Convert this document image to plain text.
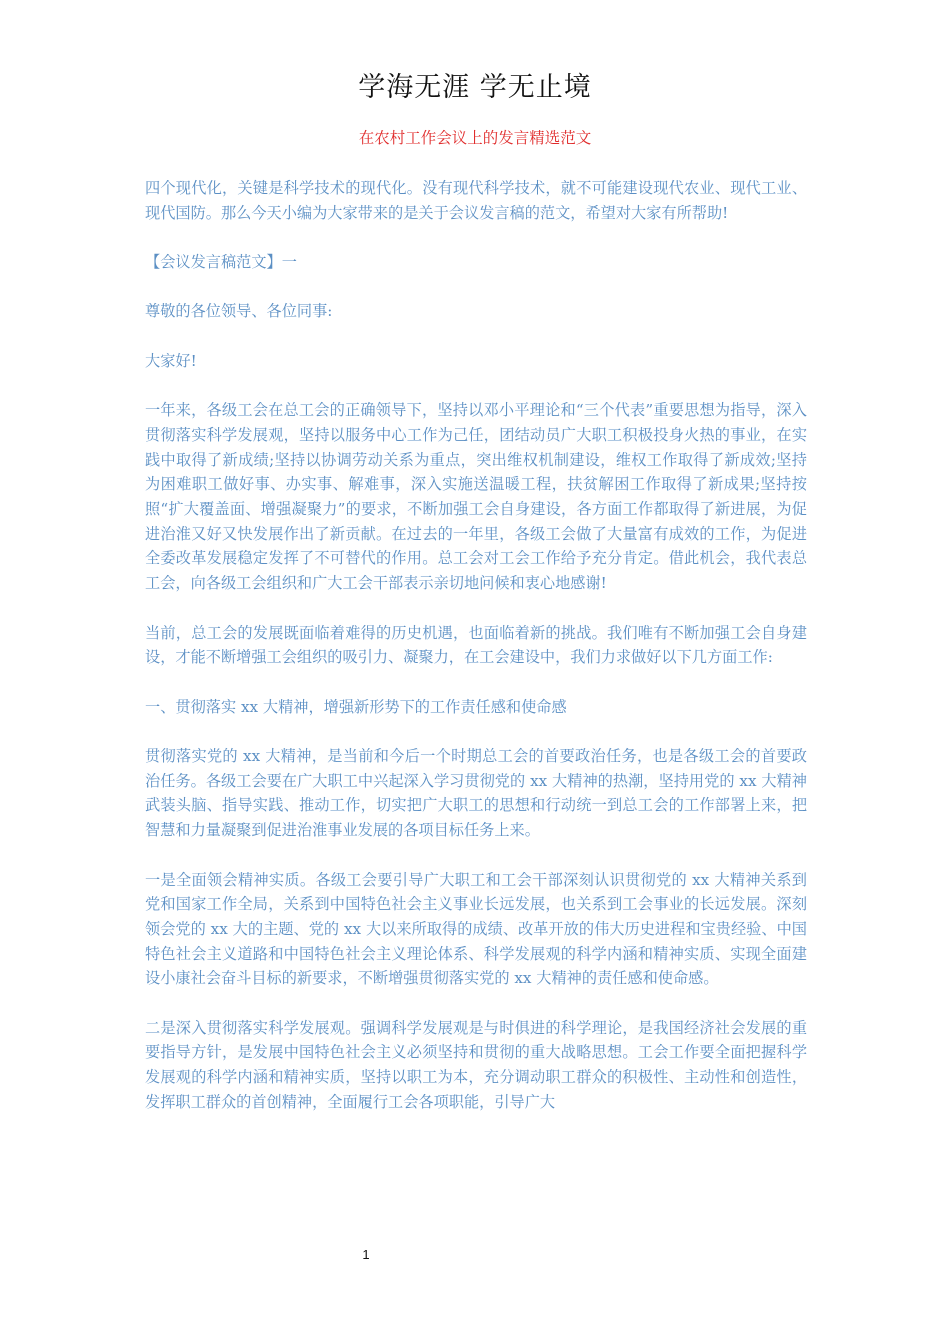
学海无涯 学无止境
在农村工作会议上的发言精选范文

四个现代化，关键是科学技术的现代化。没有现代科学技术，就不可能建设现代农业、现代工业、现代国防。那么今天小编为大家带来的是关于会议发言稿的范文，希望对大家有所帮助!

【会议发言稿范文】一

尊敬的各位领导、各位同事:

大家好!

一年来，各级工会在总工会的正确领导下，坚持以邓小平理论和“三个代表”重要思想为指导，深入贯彻落实科学发展观，坚持以服务中心工作为己任，团结动员广大职工积极投身火热的事业，在实践中取得了新成绩;坚持以协调劳动关系为重点，突出维权机制建设，维权工作取得了新成效;坚持为困难职工做好事、办实事、解难事，深入实施送温暖工程，扶贫解困工作取得了新成果;坚持按照“扩大覆盖面、增强凝聚力”的要求，不断加强工会自身建设，各方面工作都取得了新进展，为促进治淮又好又快发展作出了新贡献。在过去的一年里，各级工会做了大量富有成效的工作，为促进全委改革发展稳定发挥了不可替代的作用。总工会对工会工作给予充分肯定。借此机会，我代表总工会，向各级工会组织和广大工会干部表示亲切地问候和衷心地感谢!

当前，总工会的发展既面临着难得的历史机遇，也面临着新的挑战。我们唯有不断加强工会自身建设，才能不断增强工会组织的吸引力、凝聚力，在工会建设中，我们力求做好以下几方面工作:

一、贯彻落实 xx 大精神，增强新形势下的工作责任感和使命感

贯彻落实党的 xx 大精神，是当前和今后一个时期总工会的首要政治任务，也是各级工会的首要政治任务。各级工会要在广大职工中兴起深入学习贯彻党的 xx 大精神的热潮，坚持用党的 xx 大精神武装头脑、指导实践、推动工作，切实把广大职工的思想和行动统一到总工会的工作部署上来，把智慧和力量凝聚到促进治淮事业发展的各项目标任务上来。

一是全面领会精神实质。各级工会要引导广大职工和工会干部深刻认识贯彻党的 xx 大精神关系到党和国家工作全局，关系到中国特色社会主义事业长远发展，也关系到工会事业的长远发展。深刻领会党的 xx 大的主题、党的 xx 大以来所取得的成绩、改革开放的伟大历史进程和宝贵经验、中国特色社会主义道路和中国特色社会主义理论体系、科学发展观的科学内涵和精神实质、实现全面建设小康社会奋斗目标的新要求，不断增强贯彻落实党的 xx 大精神的责任感和使命感。

二是深入贯彻落实科学发展观。强调科学发展观是与时俱进的科学理论，是我国经济社会发展的重要指导方针，是发展中国特色社会主义必须坚持和贯彻的重大战略思想。工会工作要全面把握科学发展观的科学内涵和精神实质，坚持以职工为本，充分调动职工群众的积极性、主动性和创造性，发挥职工群众的首创精神，全面履行工会各项职能，引导广大

1
